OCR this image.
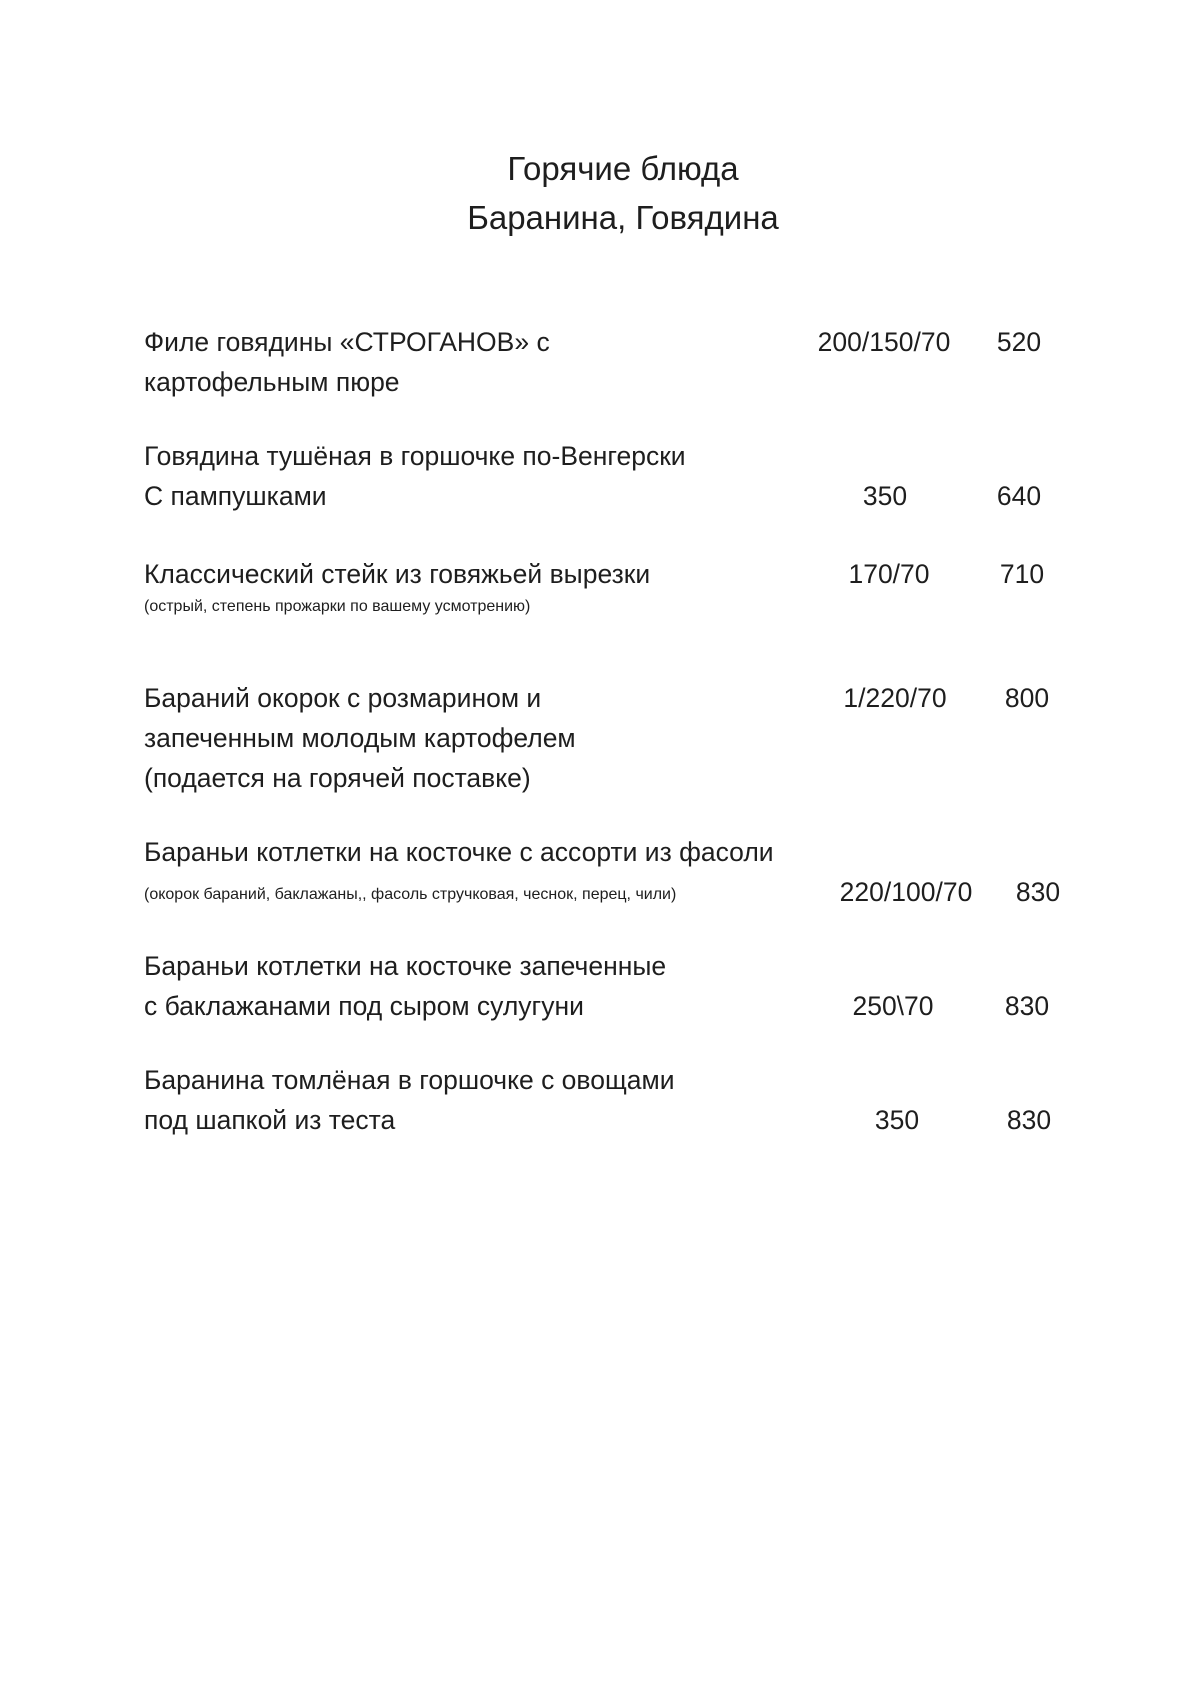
Горячие блюда
Баранина, Говядина
Филе говядины «СТРОГАНОВ» с
картофельным пюре
200/150/70	520
Говядина тушёная в горшочке по-Венгерски
С пампушками	350	640
Классический стейк из говяжьей вырезки
(острый, степень прожарки по вашему усмотрению)
170/70	710
Бараний окорок с розмарином и
запеченным молодым картофелем
(подается на горячей поставке)
1/220/70	800
Бараньи котлетки на косточке с ассорти из фасоли
(окорок бараний, баклажаны,, фасоль стручковая, чеснок, перец, чили)	220/100/70	830
Бараньи котлетки на косточке запеченные
с баклажанами под сыром сулугуни	250\70	830
Баранина томлёная в горшочке с овощами
под шапкой из теста	350	830
